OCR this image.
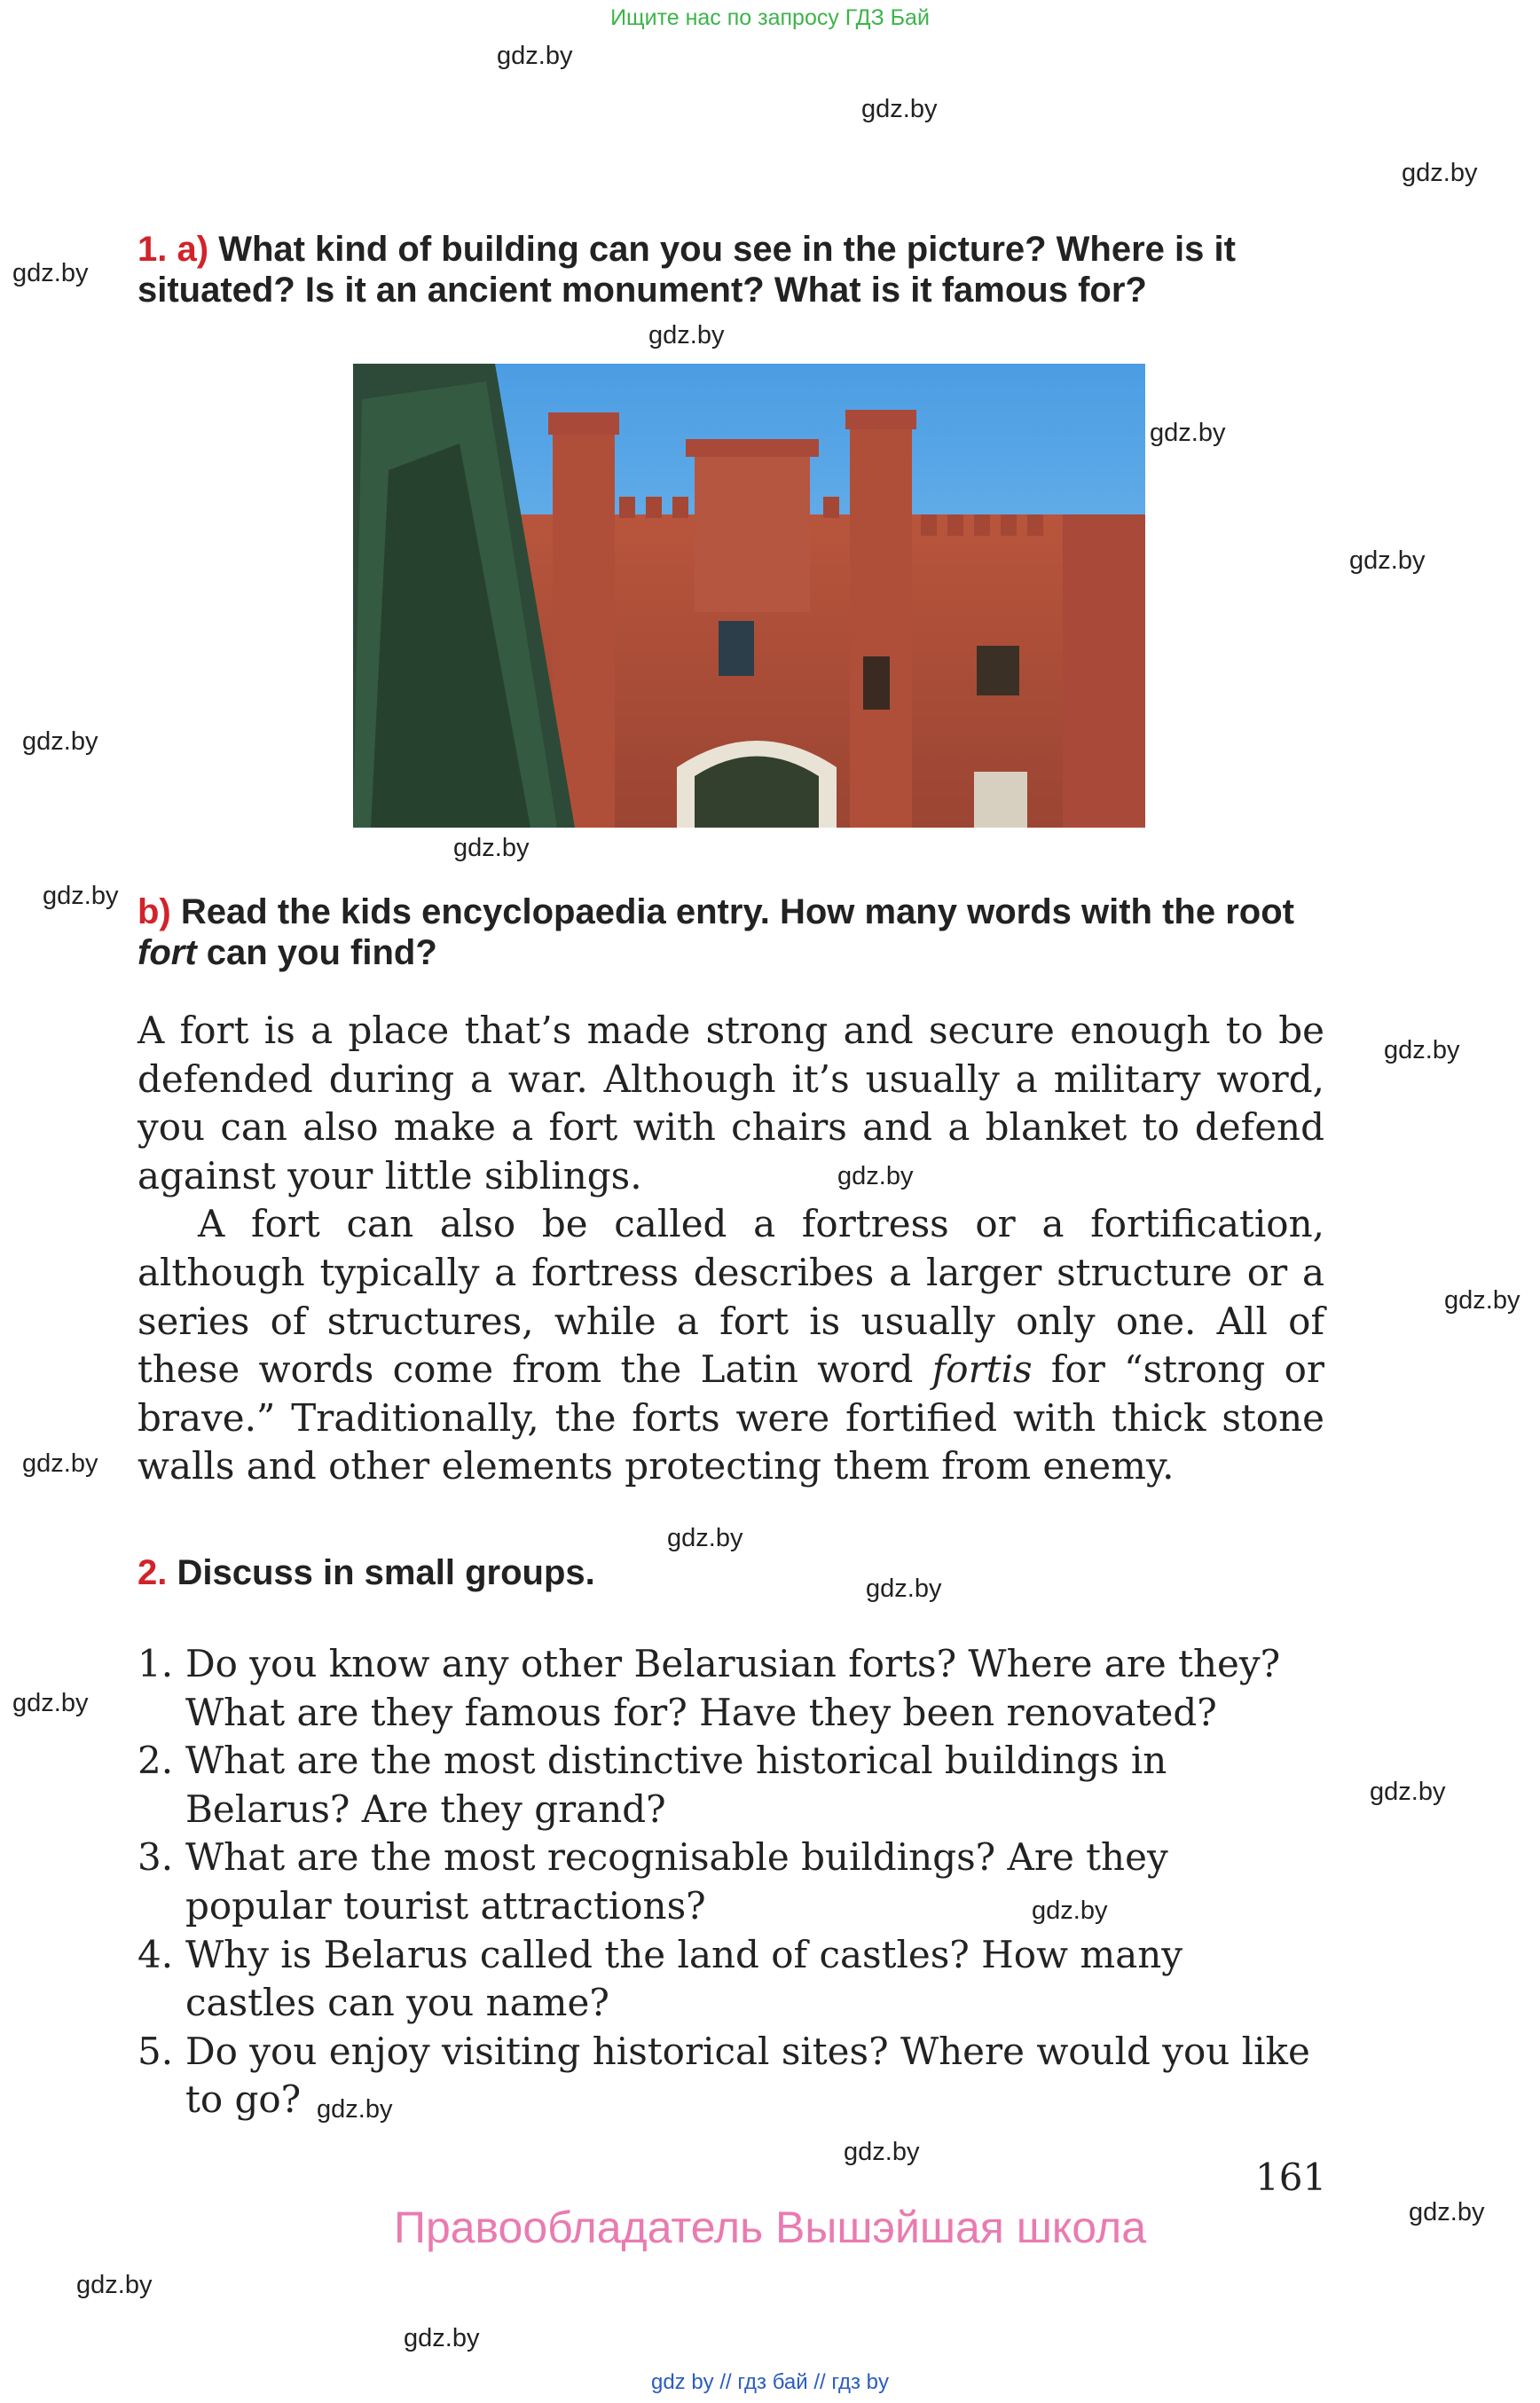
Ищите нас по запросу ГДЗ Бай
gdz.by
gdz.by
gdz.by
gdz.by
gdz.by
gdz.by
gdz.by
gdz.by
gdz.by
gdz.by
gdz.by
gdz.by
gdz.by
gdz.by
gdz.by
gdz.by
gdz.by
gdz.by
gdz.by
gdz.by
gdz.by
gdz.by
gdz.by
gdz.by
1. a) What kind of building can you see in the picture? Where is it situated? Is it an ancient monument? What is it famous for?
b) Read the kids encyclopaedia entry. How many words with the root fort can you find?

A fort is a place that’s made strong and secure enough to be defended during a war. Although it’s usually a military word, you can also make a fort with chairs and a blanket to defend against your little siblings.

A fort can also be called a fortress or a fortification, although typically a fortress describes a larger structure or a series of structures, while a fort is usually only one. All of these words come from the Latin word fortis for “strong or brave.” Traditionally, the forts were fortified with thick stone walls and other elements protecting them from enemy.

2. Discuss in small groups.
1. Do you know any other Belarusian forts? Where are they? What are they famous for? Have they been renovated?
2. What are the most distinctive historical buildings in Belarus? Are they grand?
3. What are the most recognisable buildings? Are they popular tourist attractions?
4. Why is Belarus called the land of castles? How many castles can you name?
5. Do you enjoy visiting historical sites? Where would you like to go?
161
Правообладатель Вышэйшая школа
gdz by // гдз бай // гдз by
